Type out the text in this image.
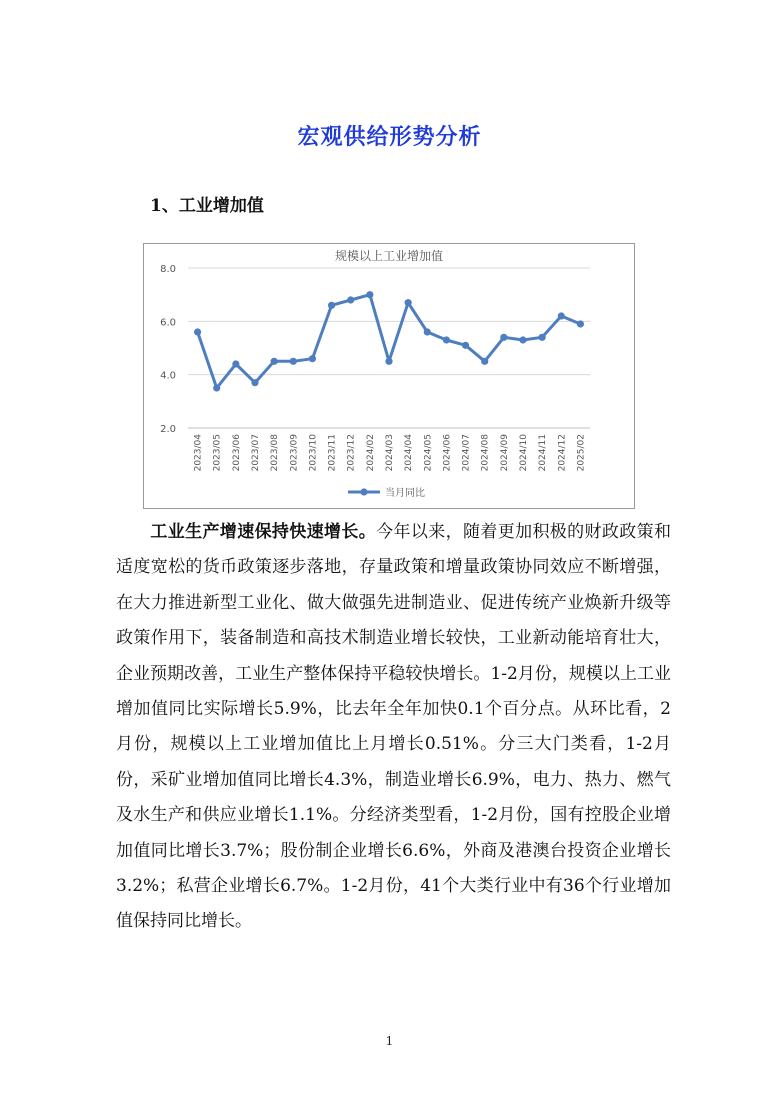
宏观供给形势分析
1、工业增加值
规模以上工业增加值
8.0
6.0
4.0
2.0
2023/04 2023/05 2023/06 2023/07 2023/08 2023/09 2023/10 2023/11 2023/12 2024/02 2024/03 2024/04 2024/05 2024/06 2024/07 2024/08 2024/09 2024/10 2024/11 2024/12 2025/02
当月同比

工业生产增速保持快速增长。今年以来，随着更加积极的财政政策和适度宽松的货币政策逐步落地，存量政策和增量政策协同效应不断增强，在大力推进新型工业化、做大做强先进制造业、促进传统产业焕新升级等政策作用下，装备制造和高技术制造业增长较快，工业新动能培育壮大，企业预期改善，工业生产整体保持平稳较快增长。1-2月份，规模以上工业增加值同比实际增长5.9%，比去年全年加快0.1个百分点。从环比看，2月份，规模以上工业增加值比上月增长0.51%。分三大门类看，1-2月份，采矿业增加值同比增长4.3%，制造业增长6.9%，电力、热力、燃气及水生产和供应业增长1.1%。分经济类型看，1-2月份，国有控股企业增加值同比增长3.7%；股份制企业增长6.6%，外商及港澳台投资企业增长3.2%；私营企业增长6.7%。1-2月份，41个大类行业中有36个行业增加值保持同比增长。

1
